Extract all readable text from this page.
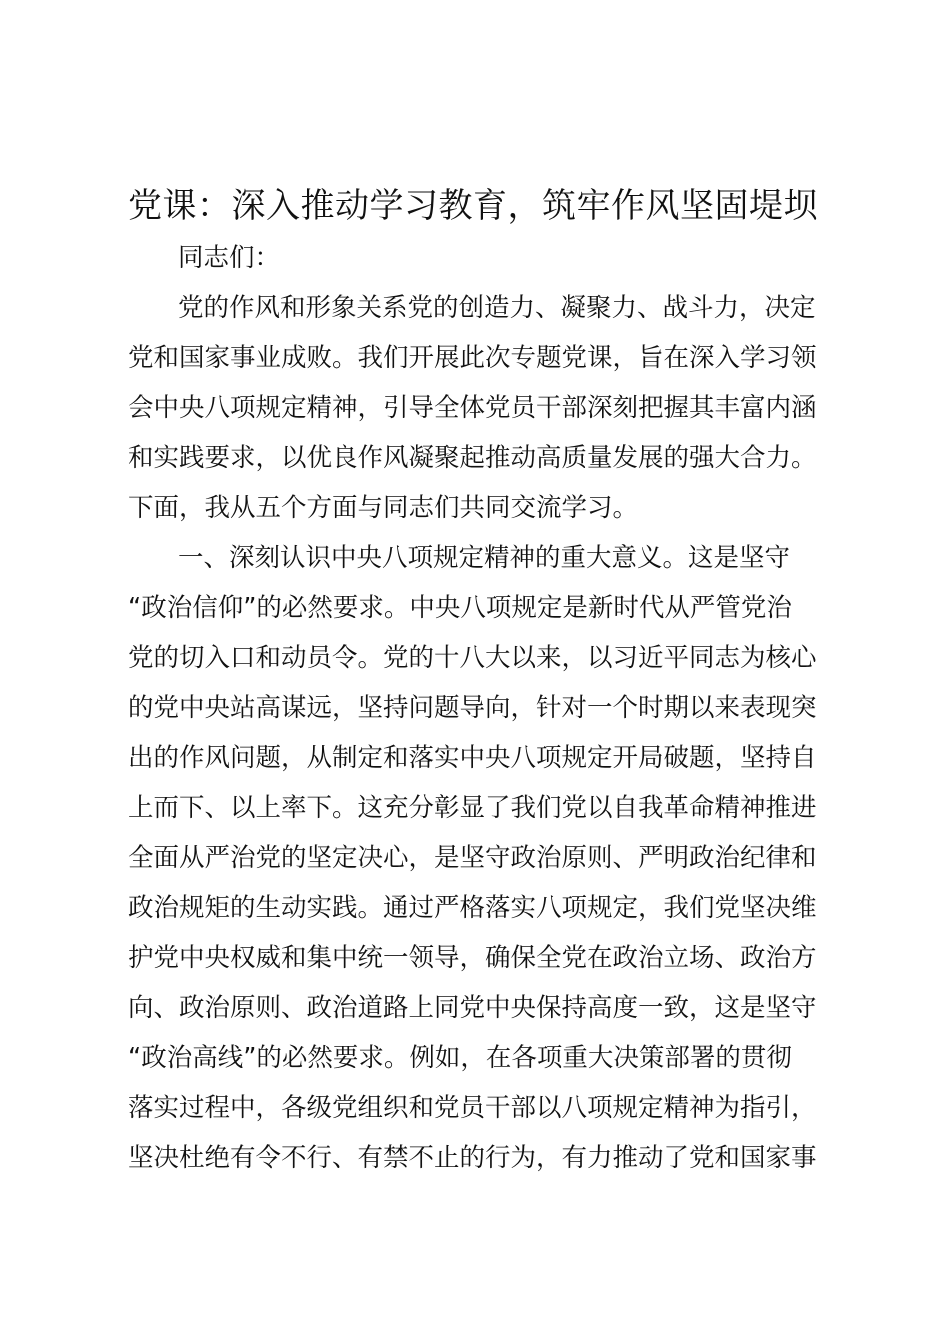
党课：深入推动学习教育，筑牢作风坚固堤坝
同志们：
党的作风和形象关系党的创造力、凝聚力、战斗力，决定
党和国家事业成败。我们开展此次专题党课，旨在深入学习领
会中央八项规定精神，引导全体党员干部深刻把握其丰富内涵
和实践要求，以优良作风凝聚起推动高质量发展的强大合力。
下面，我从五个方面与同志们共同交流学习。
一、深刻认识中央八项规定精神的重大意义。这是坚守
“政治信仰”的必然要求。中央八项规定是新时代从严管党治
党的切入口和动员令。党的十八大以来，以习近平同志为核心
的党中央站高谋远，坚持问题导向，针对一个时期以来表现突
出的作风问题，从制定和落实中央八项规定开局破题，坚持自
上而下、以上率下。这充分彰显了我们党以自我革命精神推进
全面从严治党的坚定决心，是坚守政治原则、严明政治纪律和
政治规矩的生动实践。通过严格落实八项规定，我们党坚决维
护党中央权威和集中统一领导，确保全党在政治立场、政治方
向、政治原则、政治道路上同党中央保持高度一致，这是坚守
“政治高线”的必然要求。例如，在各项重大决策部署的贯彻
落实过程中，各级党组织和党员干部以八项规定精神为指引，
坚决杜绝有令不行、有禁不止的行为，有力推动了党和国家事
